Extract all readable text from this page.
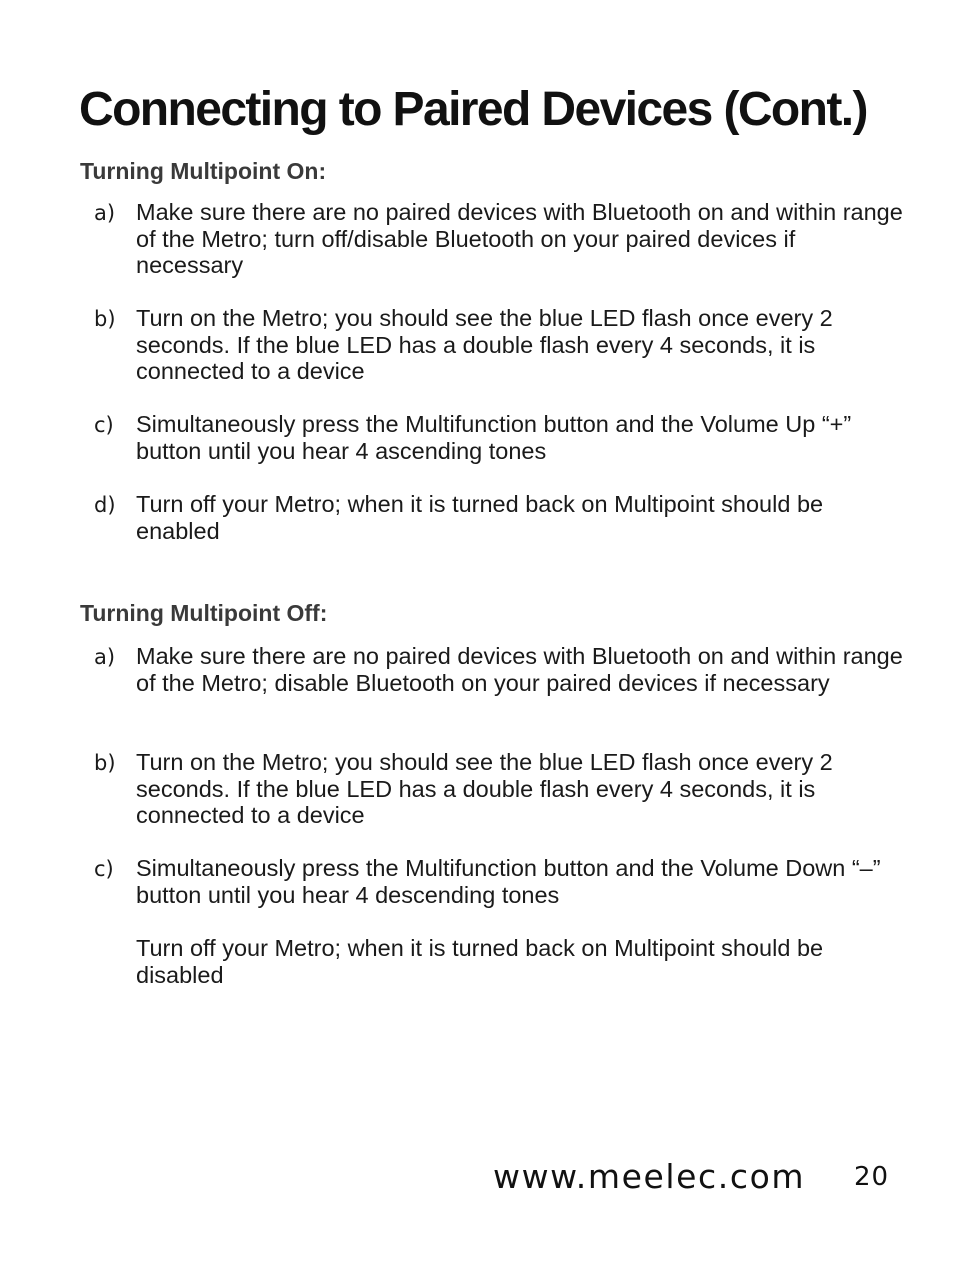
Connecting to Paired Devices (Cont.)
Turning Multipoint On:
a) Make sure there are no paired devices with Bluetooth on and within range of the Metro; turn off/disable Bluetooth on your paired devices if necessary

b) Turn on the Metro; you should see the blue LED flash once every 2 seconds. If the blue LED has a double flash every 4 seconds, it is connected to a device

c) Simultaneously press the Multifunction button and the Volume Up “+” button until you hear 4 ascending tones

d) Turn off your Metro; when it is turned back on Multipoint should be enabled

Turning Multipoint Off:
a) Make sure there are no paired devices with Bluetooth on and within range of the Metro; disable Bluetooth on your paired devices if necessary

b) Turn on the Metro; you should see the blue LED flash once every 2 seconds. If the blue LED has a double flash every 4 seconds, it is connected to a device

c) Simultaneously press the Multifunction button and the Volume Down “–” button until you hear 4 descending tones

Turn off your Metro; when it is turned back on Multipoint should be disabled

www.meelec.com 20
